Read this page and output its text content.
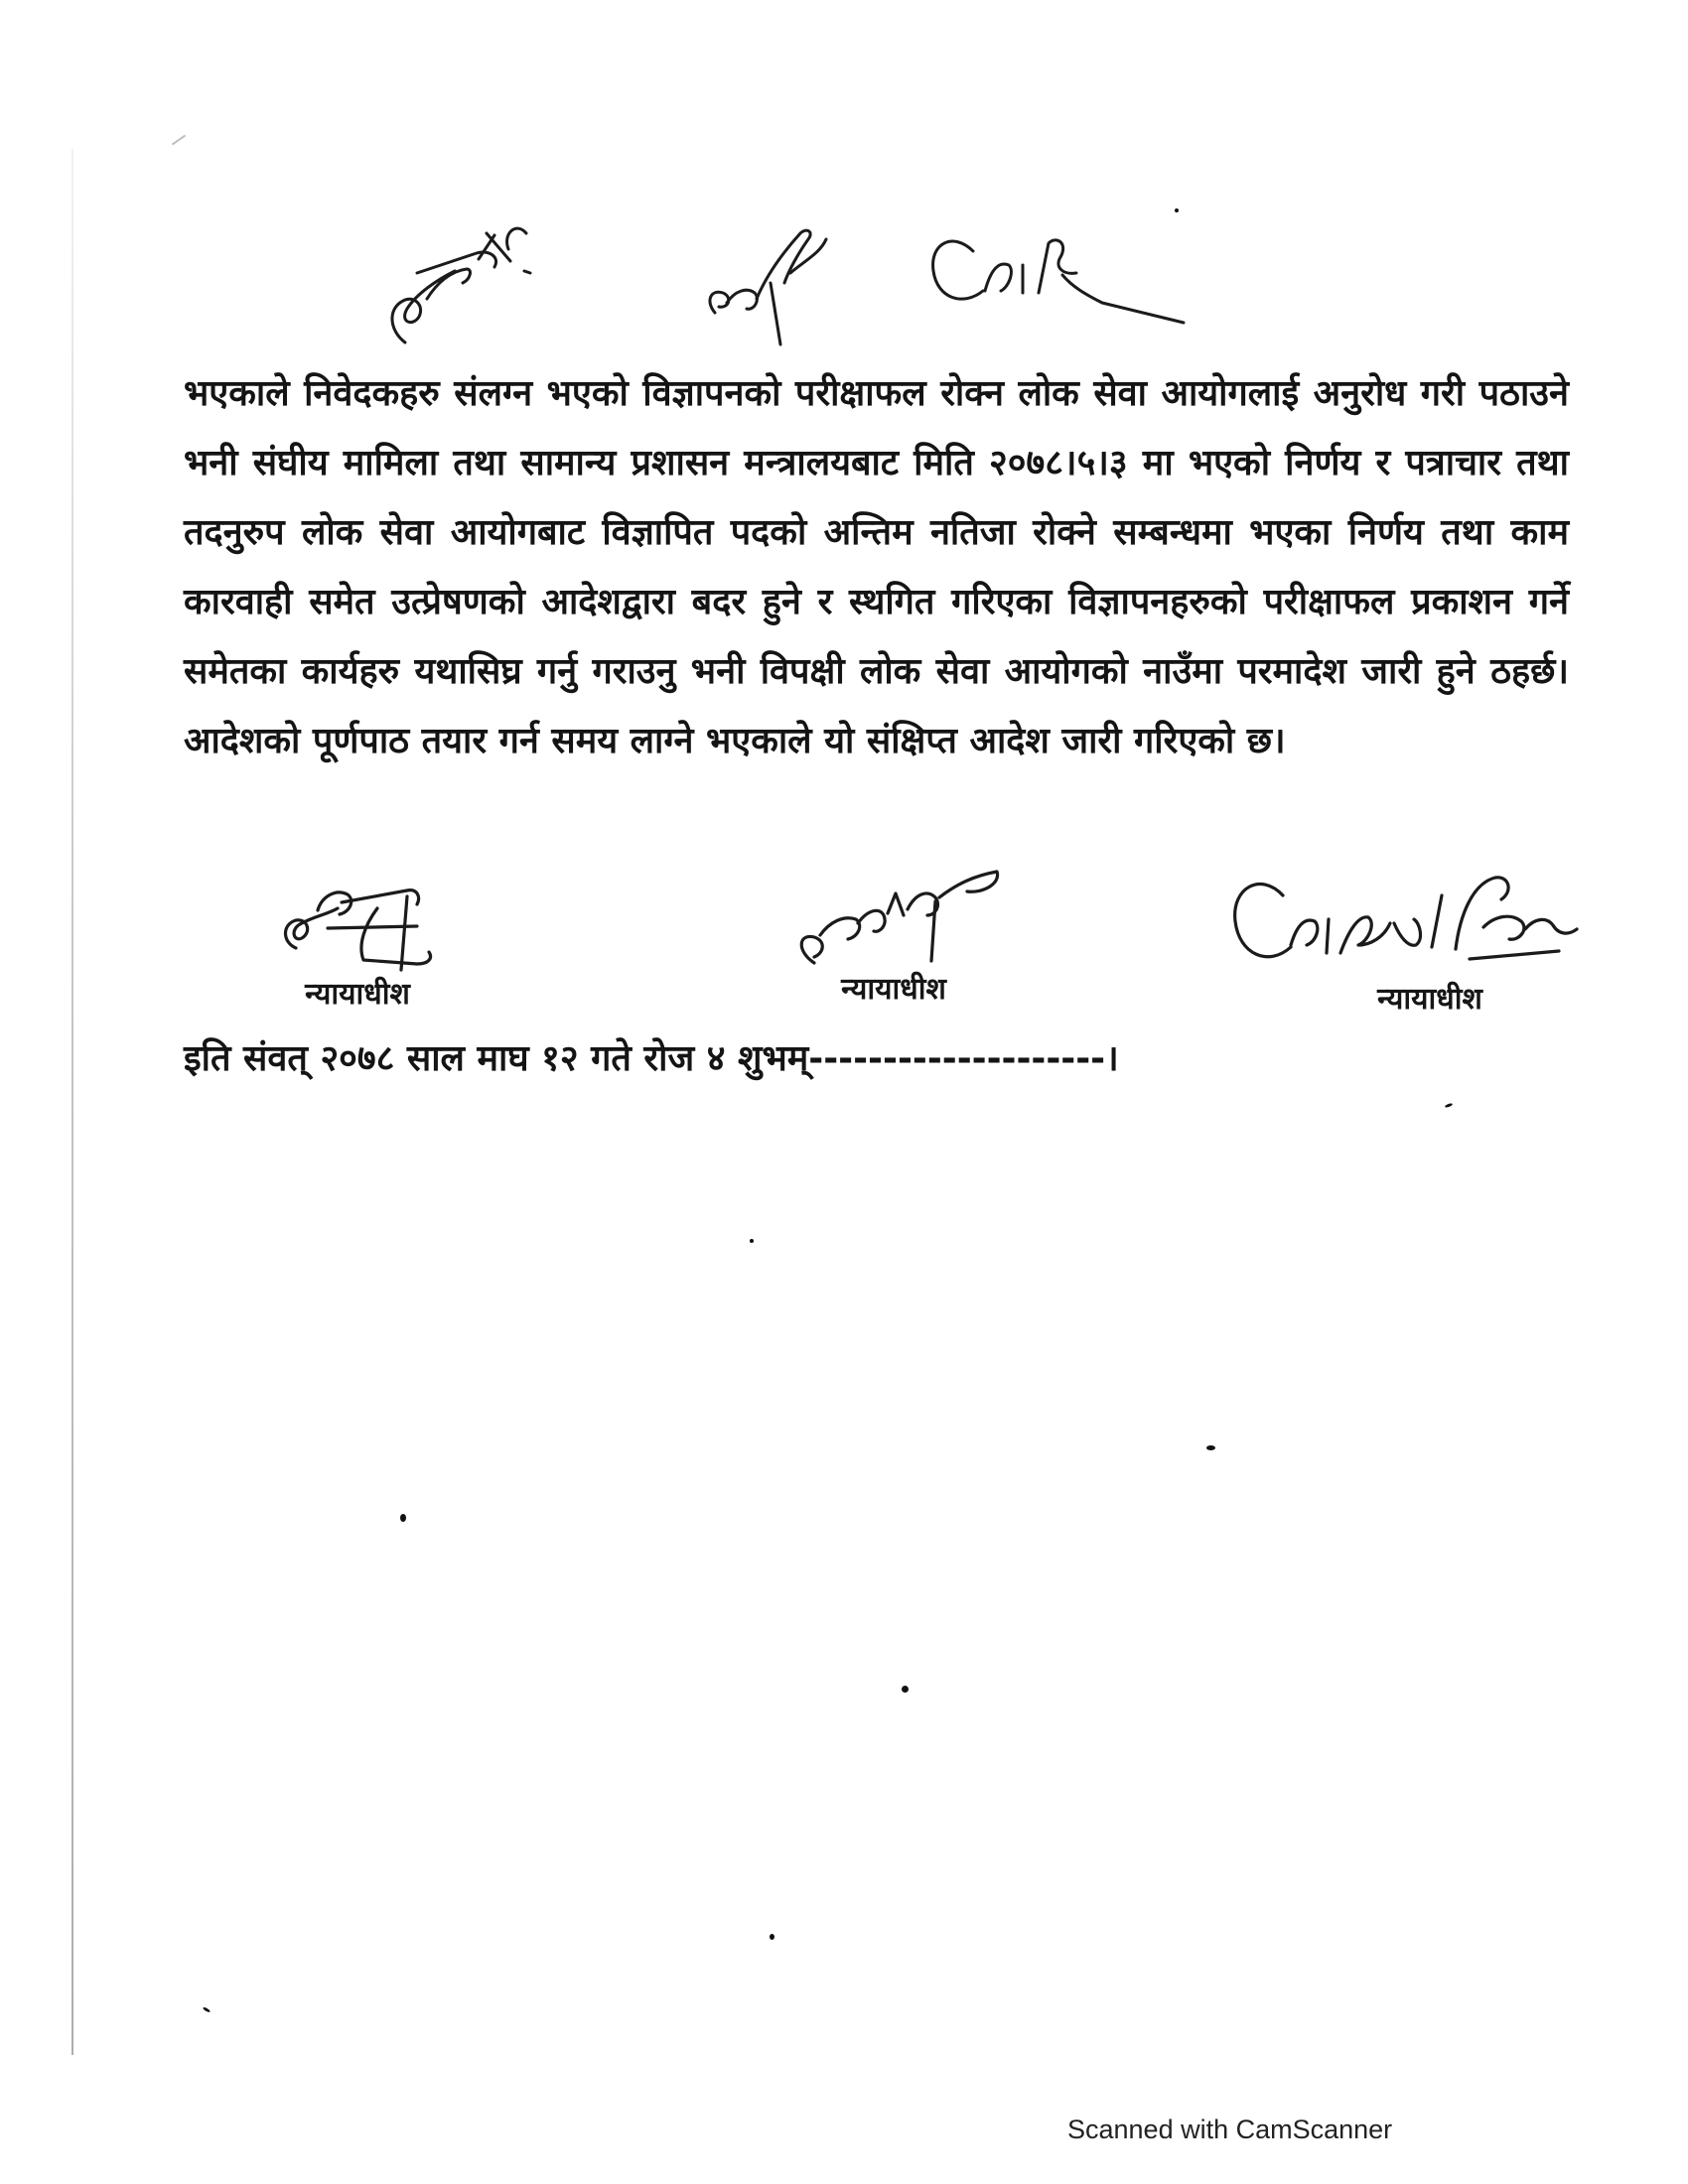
भएकाले निवेदकहरु संलग्न भएको विज्ञापनको परीक्षाफल रोक्न लोक सेवा आयोगलाई अनुरोध गरी पठाउने भनी संघीय मामिला तथा सामान्य प्रशासन मन्त्रालयबाट मिति २०७८।५।३ मा भएको निर्णय र पत्राचार तथा तदनुरुप लोक सेवा आयोगबाट विज्ञापित पदको अन्तिम नतिजा रोक्ने सम्बन्धमा भएका निर्णय तथा काम कारवाही समेत उत्प्रेषणको आदेशद्वारा बदर हुने र स्थगित गरिएका विज्ञापनहरुको परीक्षाफल प्रकाशन गर्ने समेतका कार्यहरु यथासिघ्र गर्नु गराउनु भनी विपक्षी लोक सेवा आयोगको नाउँमा परमादेश जारी हुने ठहर्छ। आदेशको पूर्णपाठ तयार गर्न समय लाग्ने भएकाले यो संक्षिप्त आदेश जारी गरिएको छ।

न्यायाधीश	न्यायाधीश	न्यायाधीश
इति संवत् २०७८ साल माघ १२ गते रोज ४ शुभम्--------------------।
Scanned with CamScanner
